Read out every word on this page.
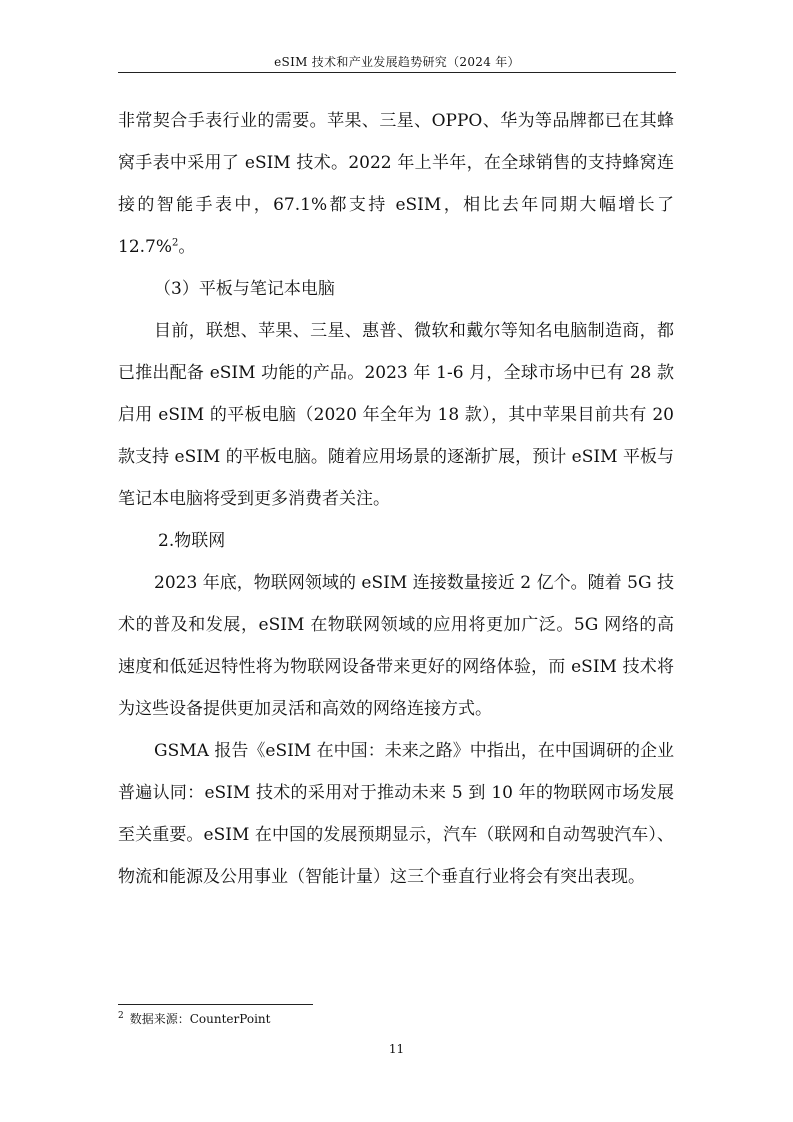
eSIM 技术和产业发展趋势研究（2024 年）

非常契合手表行业的需要。苹果、三星、OPPO、华为等品牌都已在其蜂窝手表中采用了 eSIM 技术。2022 年上半年，在全球销售的支持蜂窝连接的智能手表中，67.1%都支持 eSIM，相比去年同期大幅增长了 12.7%$^2$。

（3）平板与笔记本电脑

目前，联想、苹果、三星、惠普、微软和戴尔等知名电脑制造商，都已推出配备 eSIM 功能的产品。2023 年 1-6 月，全球市场中已有 28 款启用 eSIM 的平板电脑（2020 年全年为 18 款），其中苹果目前共有 20 款支持 eSIM 的平板电脑。随着应用场景的逐渐扩展，预计 eSIM 平板与笔记本电脑将受到更多消费者关注。

2.物联网

2023 年底，物联网领域的 eSIM 连接数量接近 2 亿个。随着 5G 技术的普及和发展，eSIM 在物联网领域的应用将更加广泛。5G 网络的高速度和低延迟特性将为物联网设备带来更好的网络体验，而 eSIM 技术将为这些设备提供更加灵活和高效的网络连接方式。

GSMA 报告《eSIM 在中国：未来之路》中指出，在中国调研的企业普遍认同：eSIM 技术的采用对于推动未来 5 到 10 年的物联网市场发展至关重要。eSIM 在中国的发展预期显示，汽车（联网和自动驾驶汽车）、物流和能源及公用事业（智能计量）这三个垂直行业将会有突出表现。

$^2$ 数据来源：CounterPoint
11
